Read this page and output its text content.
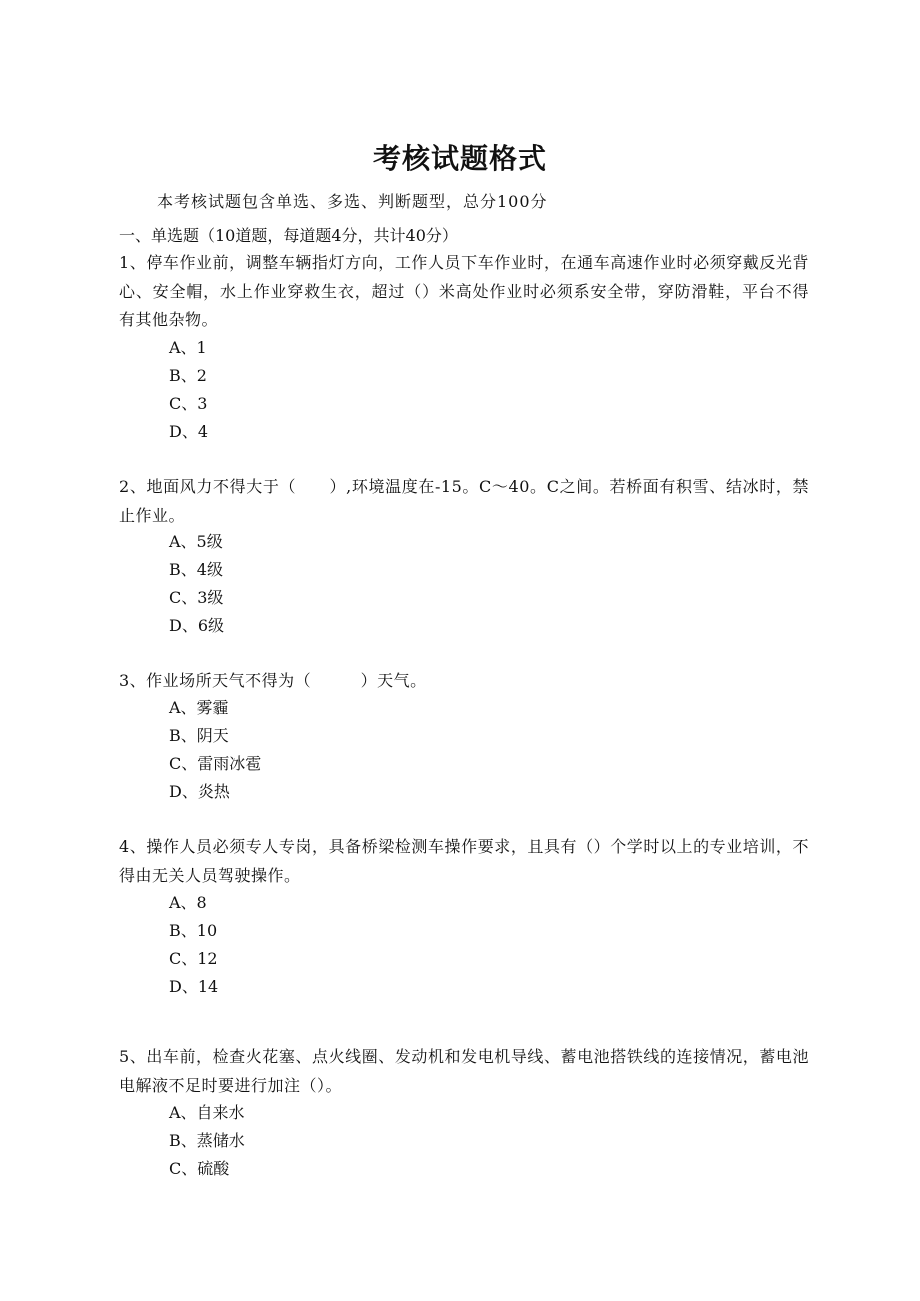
考核试题格式
本考核试题包含单选、多选、判断题型，总分100分
一、单选题（10道题，每道题4分，共计40分）
1、停车作业前，调整车辆指灯方向，工作人员下车作业时，在通车高速作业时必须穿戴反光背心、安全帽，水上作业穿救生衣，超过（）米高处作业时必须系安全带，穿防滑鞋，平台不得有其他杂物。
A、1
B、2
C、3
D、4
2、地面风力不得大于（　　）,环境温度在-15。C～40。C之间。若桥面有积雪、结冰时，禁止作业。
A、5级
B、4级
C、3级
D、6级
3、作业场所天气不得为（　　　）天气。
A、雾霾
B、阴天
C、雷雨冰雹
D、炎热
4、操作人员必须专人专岗，具备桥梁检测车操作要求，且具有（）个学时以上的专业培训，不得由无关人员驾驶操作。
A、8
B、10
C、12
D、14
5、出车前，检查火花塞、点火线圈、发动机和发电机导线、蓄电池搭铁线的连接情况，蓄电池电解液不足时要进行加注（）。
A、自来水
B、蒸储水
C、硫酸
